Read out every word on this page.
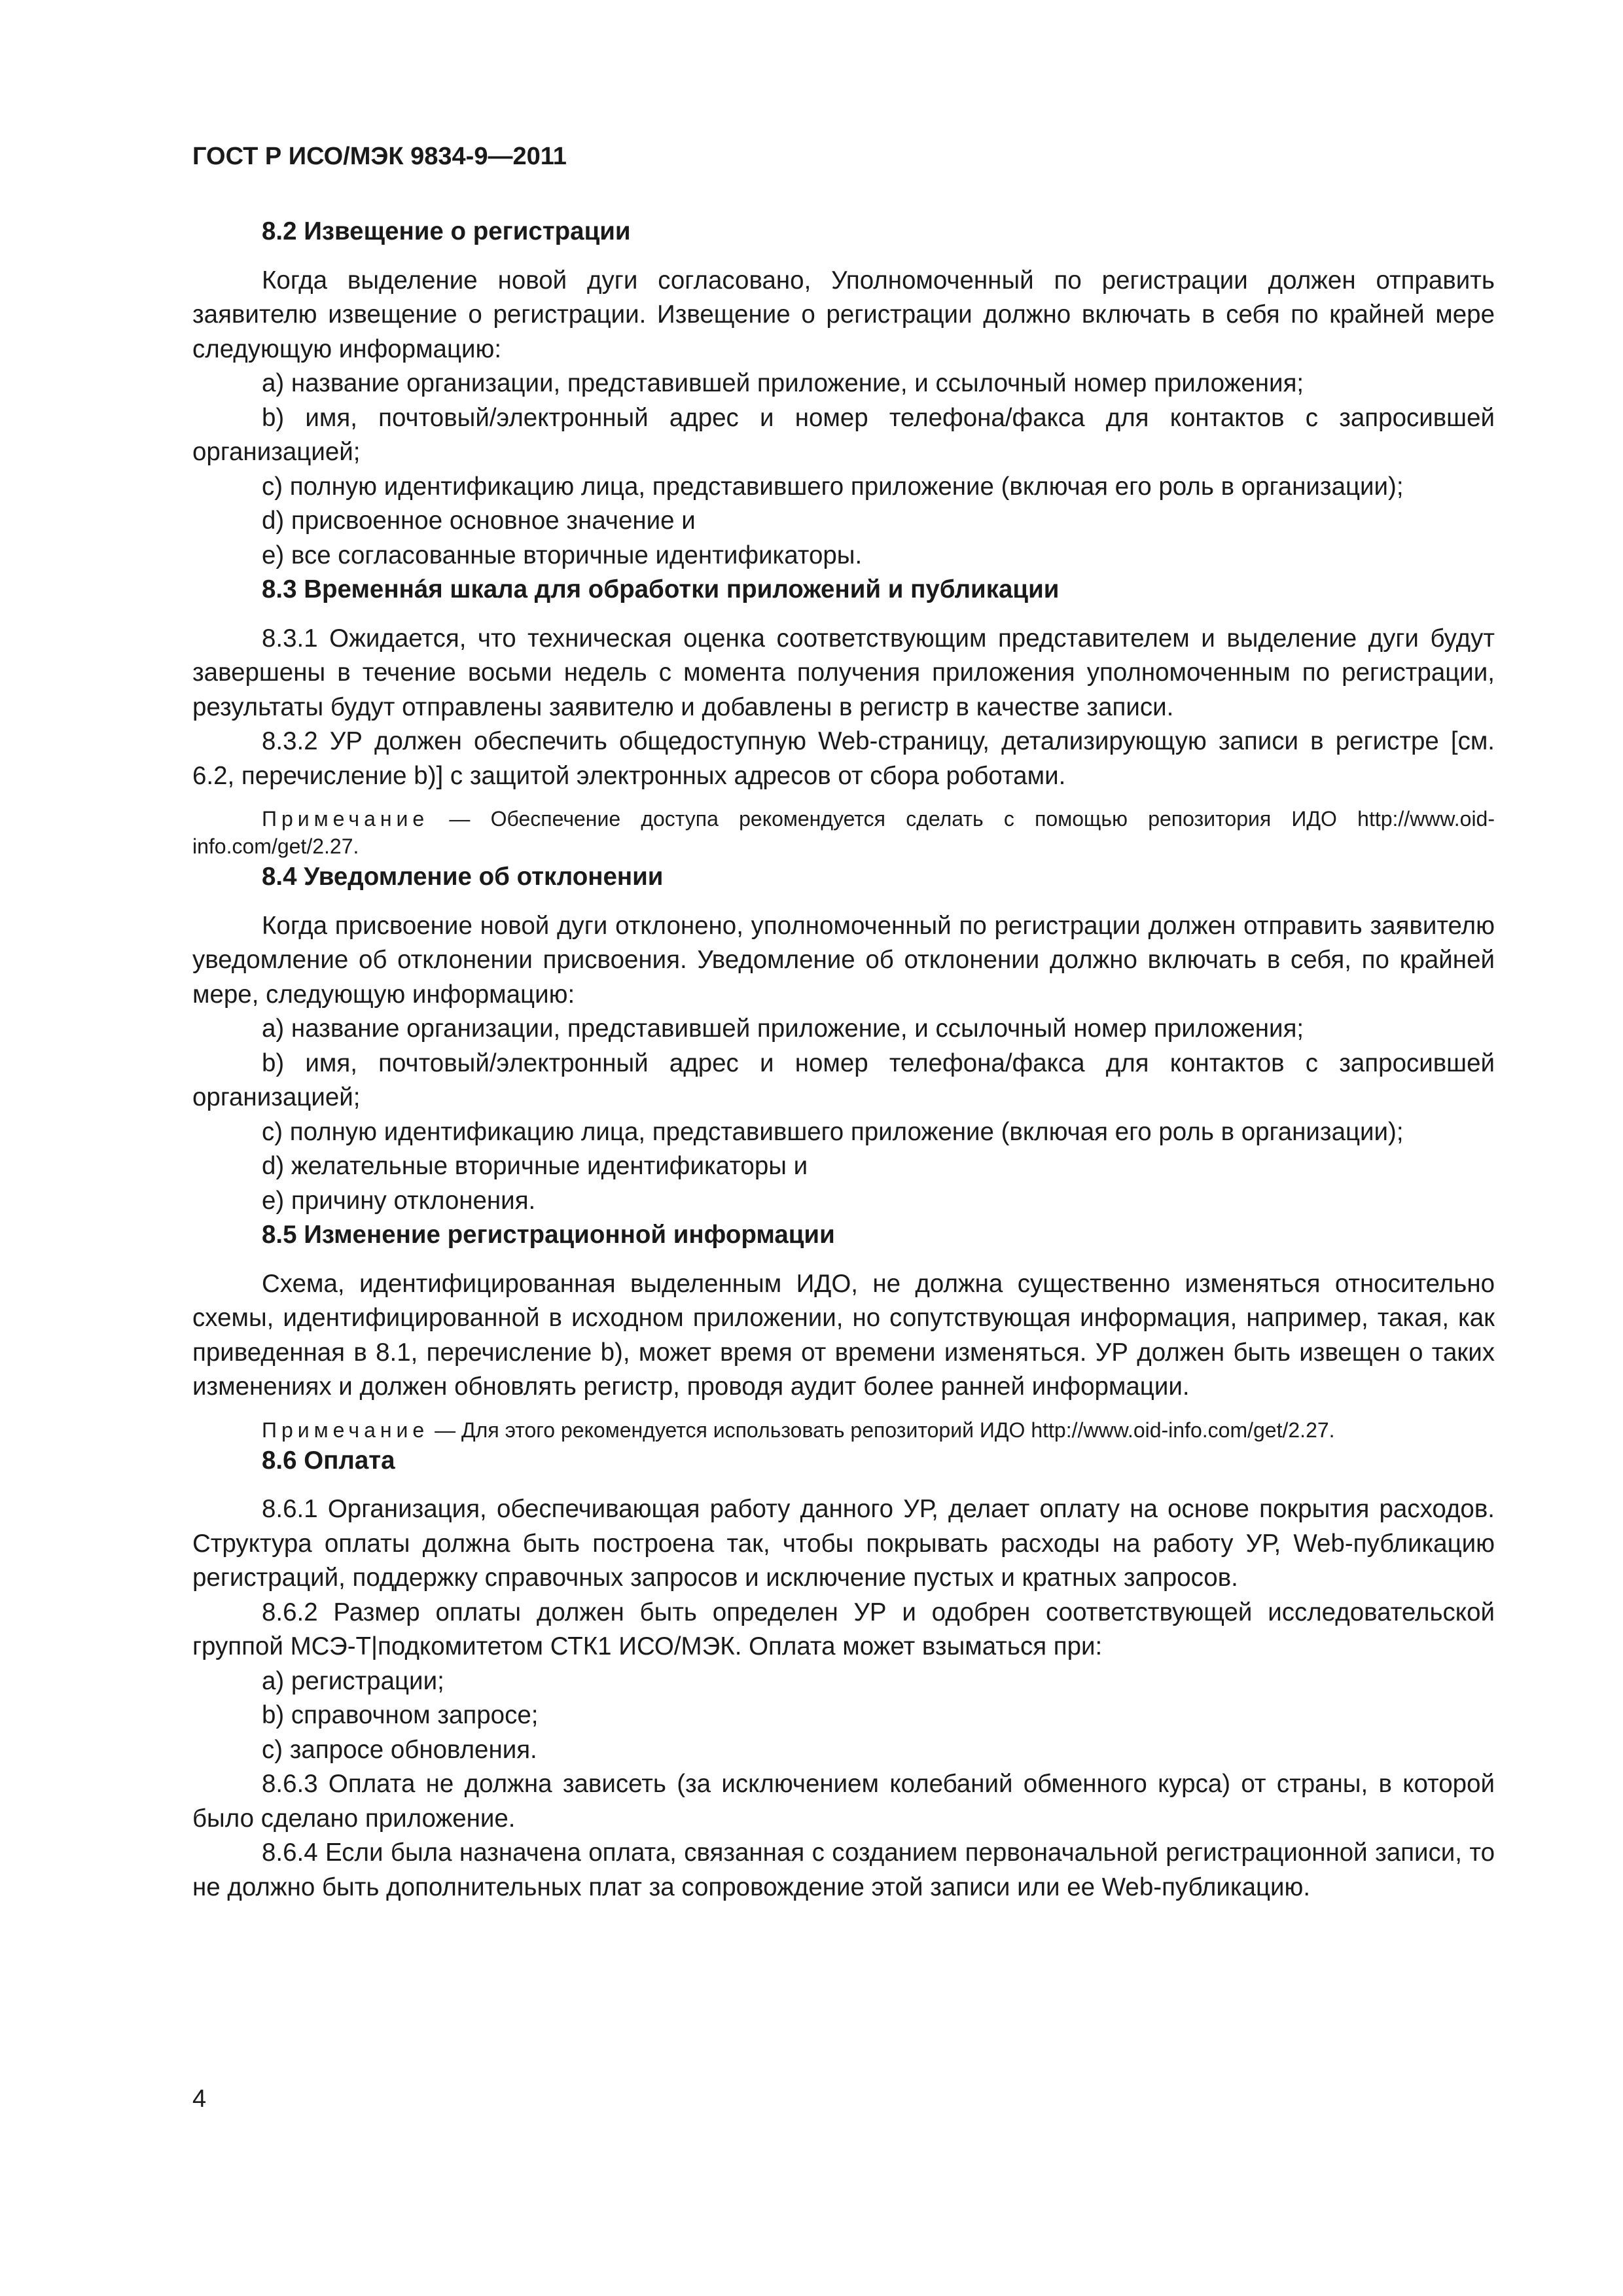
ГОСТ Р ИСО/МЭК 9834-9—2011

8.2 Извещение о регистрации

Когда выделение новой дуги согласовано, Уполномоченный по регистрации должен отправить заявителю извещение о регистрации. Извещение о регистрации должно включать в себя по крайней мере следующую информацию:

a) название организации, представившей приложение, и ссылочный номер приложения;

b) имя, почтовый/электронный адрес и номер телефона/факса для контактов с запросившей организацией;

c) полную идентификацию лица, представившего приложение (включая его роль в организации);

d) присвоенное основное значение и

e) все согласованные вторичные идентификаторы.

8.3 Временнáя шкала для обработки приложений и публикации

8.3.1 Ожидается, что техническая оценка соответствующим представителем и выделение дуги будут завершены в течение восьми недель с момента получения приложения уполномоченным по регистрации, результаты будут отправлены заявителю и добавлены в регистр в качестве записи.

8.3.2 УР должен обеспечить общедоступную Web-страницу, детализирующую записи в регистре [см. 6.2, перечисление b)] с защитой электронных адресов от сбора роботами.

Примечание — Обеспечение доступа рекомендуется сделать с помощью репозитория ИДО http://www.oid-info.com/get/2.27.

8.4 Уведомление об отклонении

Когда присвоение новой дуги отклонено, уполномоченный по регистрации должен отправить заявителю уведомление об отклонении присвоения. Уведомление об отклонении должно включать в себя, по крайней мере, следующую информацию:

a) название организации, представившей приложение, и ссылочный номер приложения;

b) имя, почтовый/электронный адрес и номер телефона/факса для контактов с запросившей организацией;

c) полную идентификацию лица, представившего приложение (включая его роль в организации);

d) желательные вторичные идентификаторы и

e) причину отклонения.

8.5 Изменение регистрационной информации

Схема, идентифицированная выделенным ИДО, не должна существенно изменяться относительно схемы, идентифицированной в исходном приложении, но сопутствующая информация, например, такая, как приведенная в 8.1, перечисление b), может время от времени изменяться. УР должен быть извещен о таких изменениях и должен обновлять регистр, проводя аудит более ранней информации.

Примечание — Для этого рекомендуется использовать репозиторий ИДО http://www.oid-info.com/get/2.27.

8.6 Оплата

8.6.1 Организация, обеспечивающая работу данного УР, делает оплату на основе покрытия расходов. Структура оплаты должна быть построена так, чтобы покрывать расходы на работу УР, Web-публикацию регистраций, поддержку справочных запросов и исключение пустых и кратных запросов.

8.6.2 Размер оплаты должен быть определен УР и одобрен соответствующей исследовательской группой МСЭ-Т|подкомитетом СТК1 ИСО/МЭК. Оплата может взыматься при:

a) регистрации;

b) справочном запросе;

c) запросе обновления.

8.6.3 Оплата не должна зависеть (за исключением колебаний обменного курса) от страны, в которой было сделано приложение.

8.6.4 Если была назначена оплата, связанная с созданием первоначальной регистрационной записи, то не должно быть дополнительных плат за сопровождение этой записи или ее Web-публикацию.

4
